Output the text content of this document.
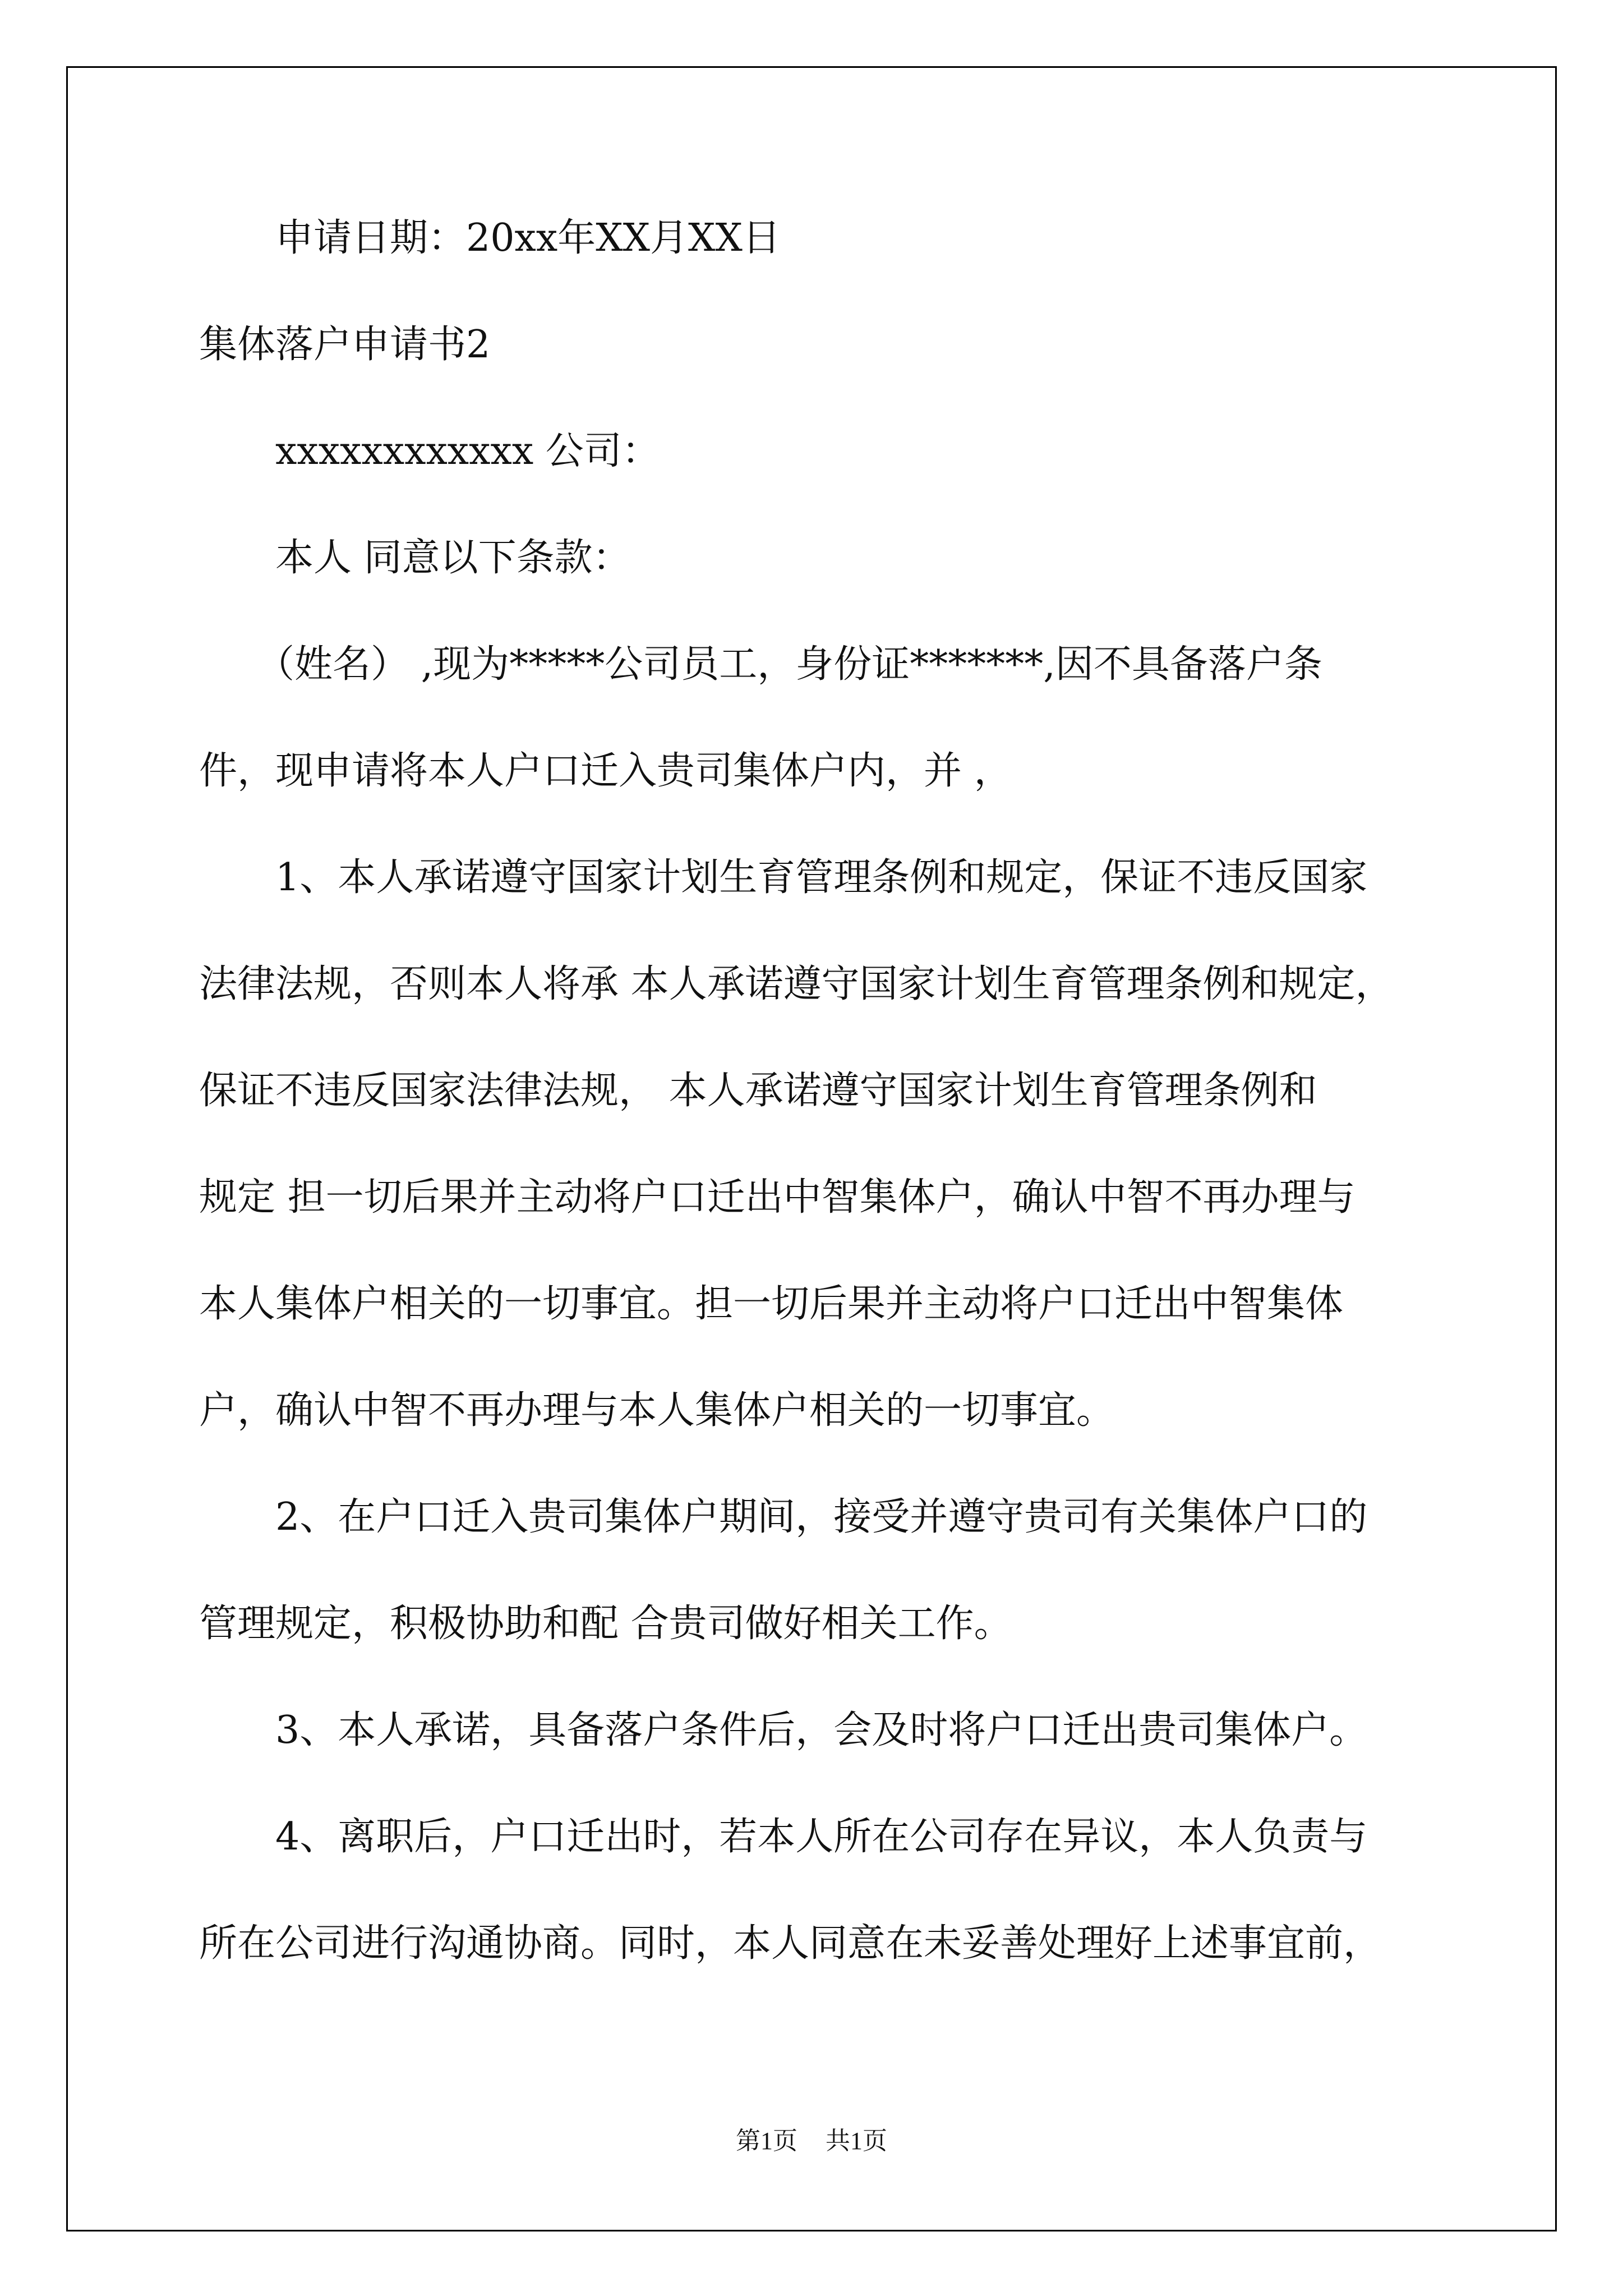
　　申请日期：20xx年XX月XX日
集体落户申请书2
　　xxxxxxxxxxxx 公司：
　　本人 同意以下条款：
　　（姓名） ,现为*****公司员工，身份证*******,因不具备落户条
件，现申请将本人户口迁入贵司集体户内，并 ，
　　1、本人承诺遵守国家计划生育管理条例和规定，保证不违反国家
法律法规，否则本人将承 本人承诺遵守国家计划生育管理条例和规定，
保证不违反国家法律法规， 本人承诺遵守国家计划生育管理条例和
规定 担一切后果并主动将户口迁出中智集体户，确认中智不再办理与
本人集体户相关的一切事宜。担一切后果并主动将户口迁出中智集体
户，确认中智不再办理与本人集体户相关的一切事宜。
　　2、在户口迁入贵司集体户期间，接受并遵守贵司有关集体户口的
管理规定，积极协助和配 合贵司做好相关工作。
　　3、本人承诺，具备落户条件后，会及时将户口迁出贵司集体户。
　　4、离职后，户口迁出时，若本人所在公司存在异议，本人负责与
所在公司进行沟通协商。同时，本人同意在未妥善处理好上述事宜前，
第1页 共1页
